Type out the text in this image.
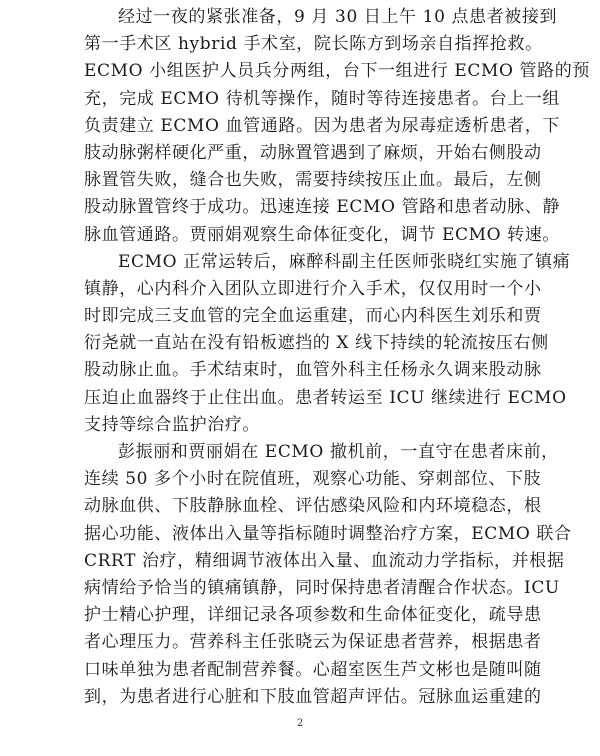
经过一夜的紧张准备，9 月 30 日上午 10 点患者被接到
第一手术区 hybrid 手术室，院长陈方到场亲自指挥抢救。
ECMO 小组医护人员兵分两组，台下一组进行 ECMO 管路的预
充，完成 ECMO 待机等操作，随时等待连接患者。台上一组
负责建立 ECMO 血管通路。因为患者为尿毒症透析患者，下
肢动脉粥样硬化严重，动脉置管遇到了麻烦，开始右侧股动
脉置管失败，缝合也失败，需要持续按压止血。最后，左侧
股动脉置管终于成功。迅速连接 ECMO 管路和患者动脉、静
脉血管通路。贾丽娟观察生命体征变化，调节 ECMO 转速。
ECMO 正常运转后，麻醉科副主任医师张晓红实施了镇痛
镇静，心内科介入团队立即进行介入手术，仅仅用时一个小
时即完成三支血管的完全血运重建，而心内科医生刘乐和贾
衍尧就一直站在没有铅板遮挡的 X 线下持续的轮流按压右侧
股动脉止血。手术结束时，血管外科主任杨永久调来股动脉
压迫止血器终于止住出血。患者转运至 ICU 继续进行 ECMO
支持等综合监护治疗。
彭振丽和贾丽娟在 ECMO 撤机前，一直守在患者床前，
连续 50 多个小时在院值班，观察心功能、穿刺部位、下肢
动脉血供、下肢静脉血栓、评估感染风险和内环境稳态，根
据心功能、液体出入量等指标随时调整治疗方案，ECMO 联合
CRRT 治疗，精细调节液体出入量、血流动力学指标，并根据
病情给予恰当的镇痛镇静，同时保持患者清醒合作状态。ICU
护士精心护理，详细记录各项参数和生命体征变化，疏导患
者心理压力。营养科主任张晓云为保证患者营养，根据患者
口味单独为患者配制营养餐。心超室医生芦文彬也是随叫随
到，为患者进行心脏和下肢血管超声评估。冠脉血运重建的
2
